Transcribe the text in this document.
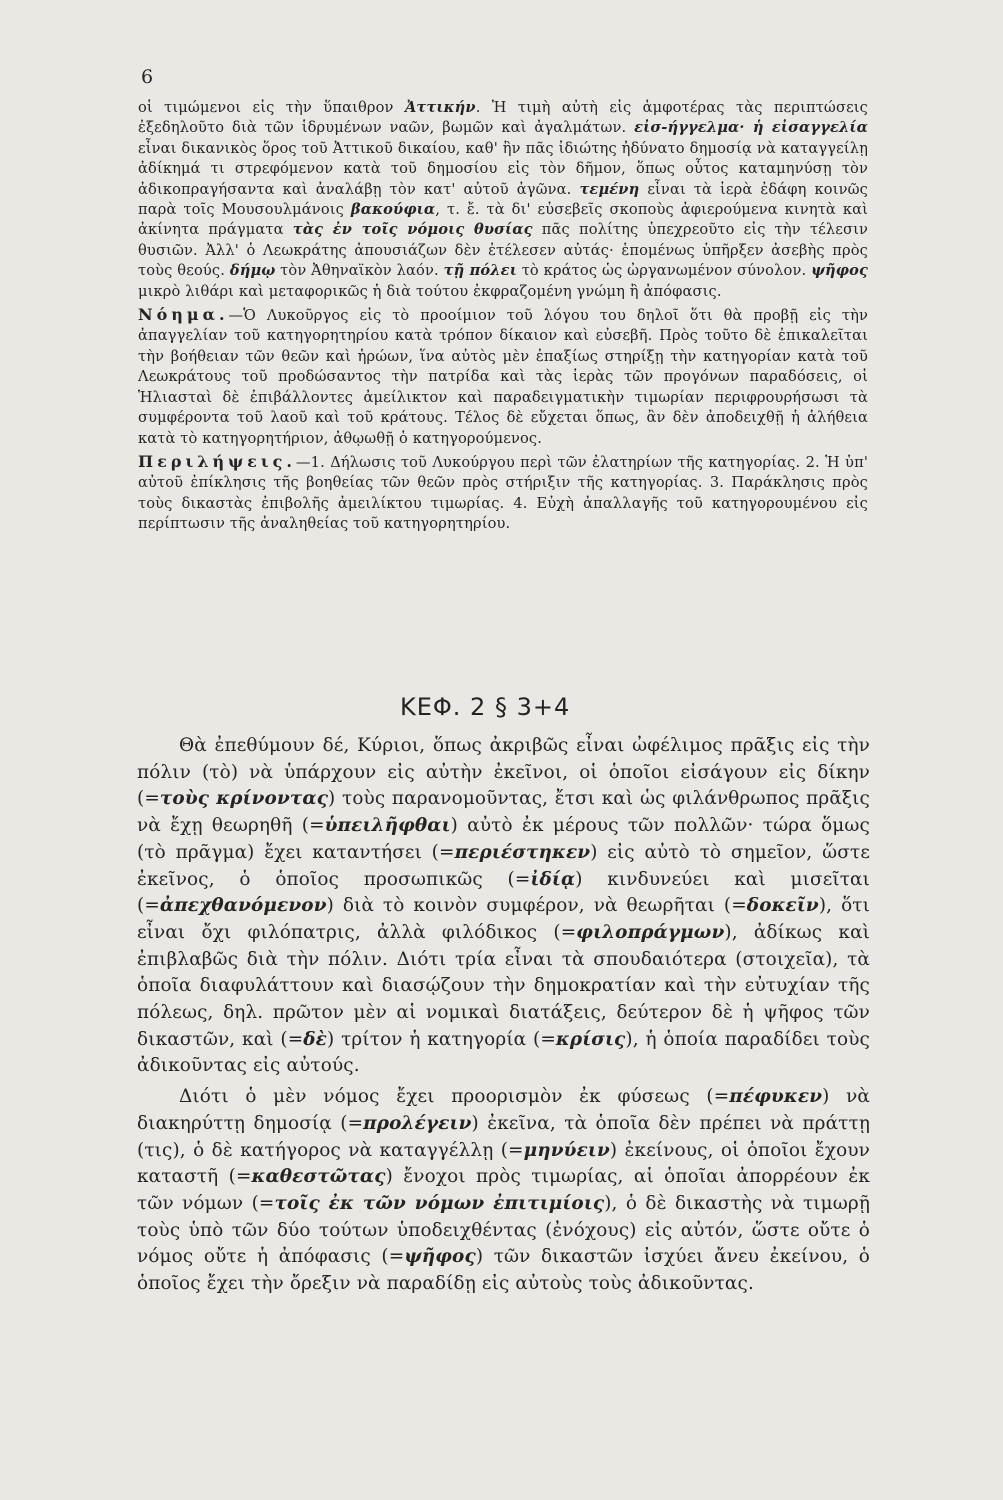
6

οἱ τιμώμενοι εἰς τὴν ὕπαιθρον Ἀττικήν. Ἡ τιμὴ αὐτὴ εἰς ἀμφοτέρας τὰς περιπτώσεις ἐξεδηλοῦτο διὰ τῶν ἱδρυμένων ναῶν, βωμῶν καὶ ἀγαλμάτων. εἰσ-ήγγελμα· ἡ εἰσαγγελία εἶναι δικανικὸς ὅρος τοῦ Ἀττικοῦ δικαίου, καθ' ἣν πᾶς ἰδιώτης ἠδύνατο δημοσίᾳ νὰ καταγγείλῃ ἀδίκημά τι στρεφόμενον κατὰ τοῦ δημοσίου εἰς τὸν δῆμον, ὅπως οὗτος καταμηνύσῃ τὸν ἀδικοπραγήσαντα καὶ ἀναλάβῃ τὸν κατ' αὐτοῦ ἀγῶνα. τεμένη εἶναι τὰ ἱερὰ ἐδάφη κοινῶς παρὰ τοῖς Μουσουλμάνοις βακούφια, τ. ἔ. τὰ δι' εὐσεβεῖς σκοποὺς ἀφιερούμενα κινητὰ καὶ ἀκίνητα πράγματα τὰς ἐν τοῖς νόμοις θυσίας πᾶς πολίτης ὑπεχρεοῦτο εἰς τὴν τέλεσιν θυσιῶν. Ἀλλ' ὁ Λεωκράτης ἀπουσιάζων δὲν ἐτέλεσεν αὐτάς· ἑπομένως ὑπῆρξεν ἀσεβὴς πρὸς τοὺς θεούς. δήμῳ τὸν Ἀθηναϊκὸν λαόν. τῇ πόλει τὸ κράτος ὡς ὠργανωμένον σύνολον. ψῆφος μικρὸ λιθάρι καὶ μεταφορικῶς ἡ διὰ τούτου ἐκφραζομένη γνώμη ἢ ἀπόφασις.

Νόημα.—Ὁ Λυκοῦργος εἰς τὸ προοίμιον τοῦ λόγου του δηλοῖ ὅτι θὰ προβῇ εἰς τὴν ἀπαγγελίαν τοῦ κατηγορητηρίου κατὰ τρόπον δίκαιον καὶ εὐσεβῆ. Πρὸς τοῦτο δὲ ἐπικαλεῖται τὴν βοήθειαν τῶν θεῶν καὶ ἡρώων, ἵνα αὐτὸς μὲν ἐπαξίως στηρίξῃ τὴν κατηγορίαν κατὰ τοῦ Λεωκράτους τοῦ προδώσαντος τὴν πατρίδα καὶ τὰς ἱερὰς τῶν προγόνων παραδόσεις, οἱ Ἡλιασταὶ δὲ ἐπιβάλλοντες ἀμείλικτον καὶ παραδειγματικὴν τιμωρίαν περιφρουρήσωσι τὰ συμφέροντα τοῦ λαοῦ καὶ τοῦ κράτους. Τέλος δὲ εὔχεται ὅπως, ἂν δὲν ἀποδειχθῇ ἡ ἀλήθεια κατὰ τὸ κατηγορητήριον, ἀθῳωθῇ ὁ κατηγορούμενος.

Περιλήψεις.—1. Δήλωσις τοῦ Λυκούργου περὶ τῶν ἐλατηρίων τῆς κατηγορίας. 2. Ἡ ὑπ' αὐτοῦ ἐπίκλησις τῆς βοηθείας τῶν θεῶν πρὸς στήριξιν τῆς κατηγορίας. 3. Παράκλησις πρὸς τοὺς δικαστὰς ἐπιβολῆς ἀμειλίκτου τιμωρίας. 4. Εὐχὴ ἀπαλλαγῆς τοῦ κατηγορουμένου εἰς περίπτωσιν τῆς ἀναληθείας τοῦ κατηγορητηρίου.

ΚΕΦ. 2 § 3+4

Θὰ ἐπεθύμουν δέ, Κύριοι, ὅπως ἀκριβῶς εἶναι ὠφέλιμος πρᾶξις εἰς τὴν πόλιν (τὸ) νὰ ὑπάρχουν εἰς αὐτὴν ἐκεῖνοι, οἱ ὁποῖοι εἰσάγουν εἰς δίκην (=τοὺς κρίνοντας) τοὺς παρανομοῦντας, ἔτσι καὶ ὡς φιλάνθρωπος πρᾶξις νὰ ἔχῃ θεωρηθῆ (=ὑπειλῆφθαι) αὐτὸ ἐκ μέρους τῶν πολλῶν· τώρα ὅμως (τὸ πρᾶγμα) ἔχει καταντήσει (=περιέστηκεν) εἰς αὐτὸ τὸ σημεῖον, ὥστε ἐκεῖνος, ὁ ὁποῖος προσωπικῶς (=ἰδίᾳ) κινδυνεύει καὶ μισεῖται (=ἀπεχθανόμενον) διὰ τὸ κοινὸν συμφέρον, νὰ θεωρῆται (=δοκεῖν), ὅτι εἶναι ὄχι φιλόπατρις, ἀλλὰ φιλόδικος (=φιλοπράγμων), ἀδίκως καὶ ἐπιβλαβῶς διὰ τὴν πόλιν. Διότι τρία εἶναι τὰ σπουδαιότερα (στοιχεῖα), τὰ ὁποῖα διαφυλάττουν καὶ διασῴζουν τὴν δημοκρατίαν καὶ τὴν εὐτυχίαν τῆς πόλεως, δηλ. πρῶτον μὲν αἱ νομικαὶ διατάξεις, δεύτερον δὲ ἡ ψῆφος τῶν δικαστῶν, καὶ (=δὲ) τρίτον ἡ κατηγορία (=κρίσις), ἡ ὁποία παραδίδει τοὺς ἀδικοῦντας εἰς αὐτούς.

Διότι ὁ μὲν νόμος ἔχει προορισμὸν ἐκ φύσεως (=πέφυκεν) νὰ διακηρύττῃ δημοσίᾳ (=προλέγειν) ἐκεῖνα, τὰ ὁποῖα δὲν πρέπει νὰ πράττῃ (τις), ὁ δὲ κατήγορος νὰ καταγγέλλῃ (=μηνύειν) ἐκείνους, οἱ ὁποῖοι ἔχουν καταστῆ (=καθεστῶτας) ἔνοχοι πρὸς τιμωρίας, αἱ ὁποῖαι ἀπορρέουν ἐκ τῶν νόμων (=τοῖς ἐκ τῶν νόμων ἐπιτιμίοις), ὁ δὲ δικαστὴς νὰ τιμωρῇ τοὺς ὑπὸ τῶν δύο τούτων ὑποδειχθέντας (ἐνόχους) εἰς αὐτόν, ὥστε οὔτε ὁ νόμος οὔτε ἡ ἀπόφασις (=ψῆφος) τῶν δικαστῶν ἰσχύει ἄνευ ἐκείνου, ὁ ὁποῖος ἔχει τὴν ὄρεξιν νὰ παραδίδῃ εἰς αὐτοὺς τοὺς ἀδικοῦντας.
